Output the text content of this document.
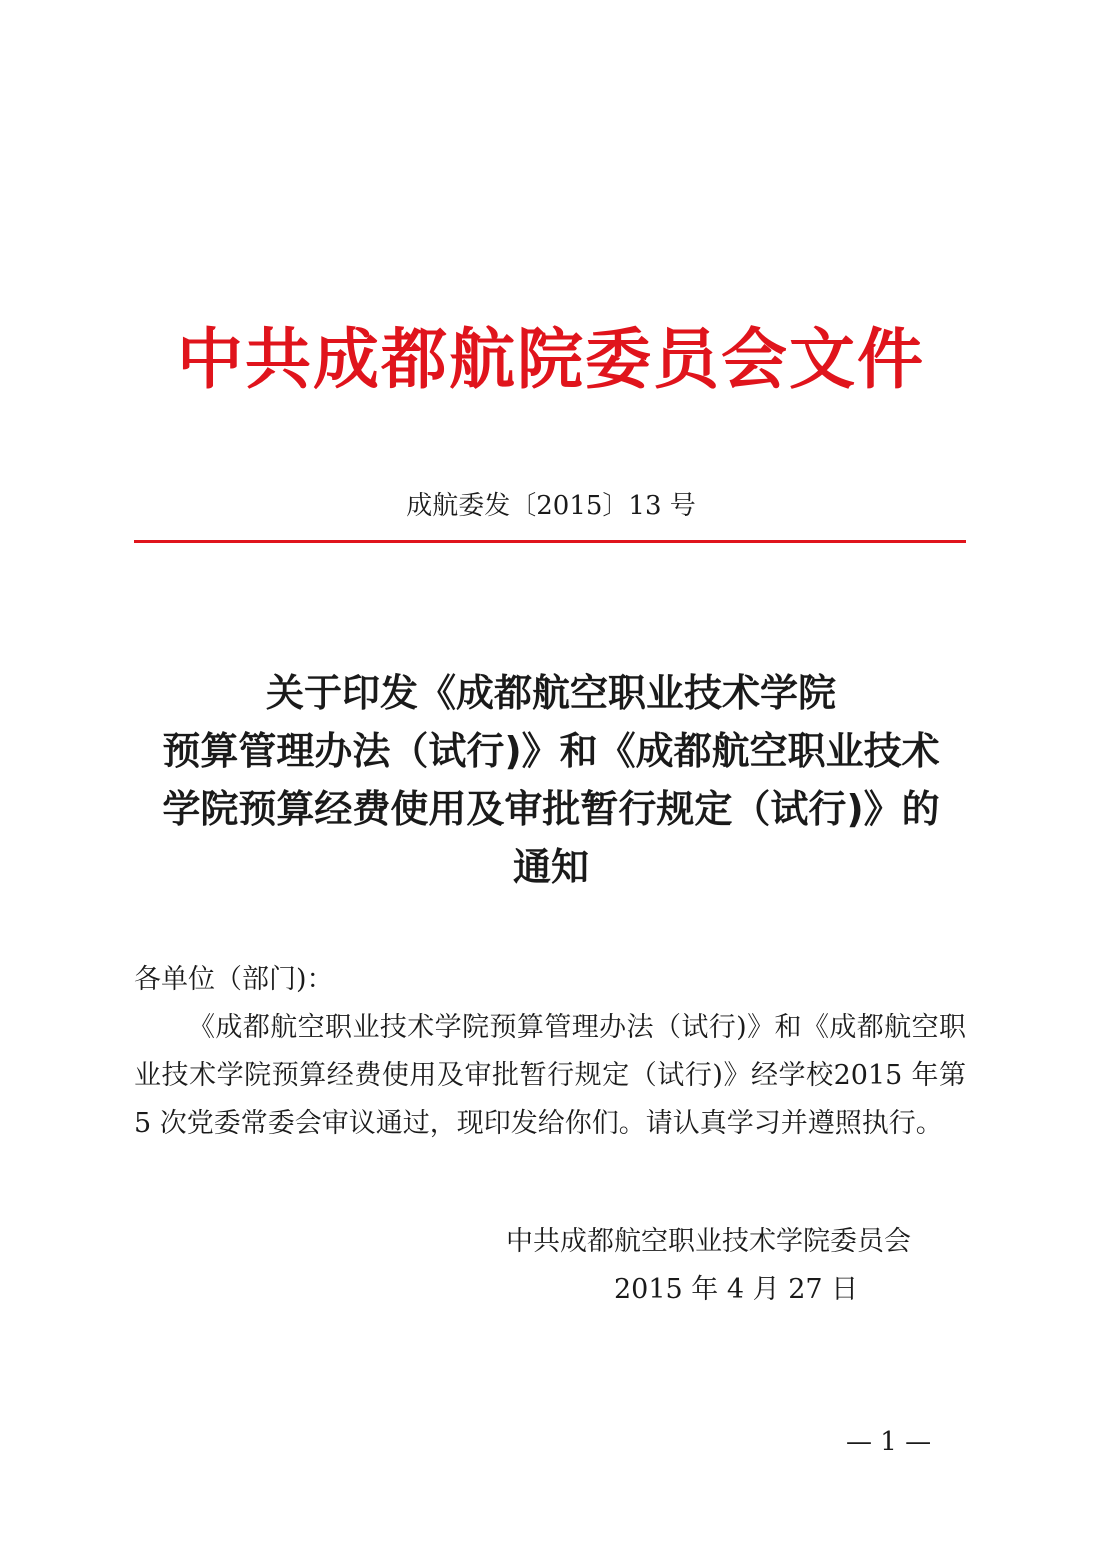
中共成都航院委员会文件
成航委发〔2015〕13 号
关于印发《成都航空职业技术学院
预算管理办法（试行)》和《成都航空职业技术
学院预算经费使用及审批暂行规定（试行)》的
通知
各单位（部门)：
《成都航空职业技术学院预算管理办法（试行)》和《成都航空职业技术学院预算经费使用及审批暂行规定（试行)》经学校2015 年第 5 次党委常委会审议通过，现印发给你们。请认真学习并遵照执行。
中共成都航空职业技术学院委员会
2015 年 4 月 27 日
— 1 —
